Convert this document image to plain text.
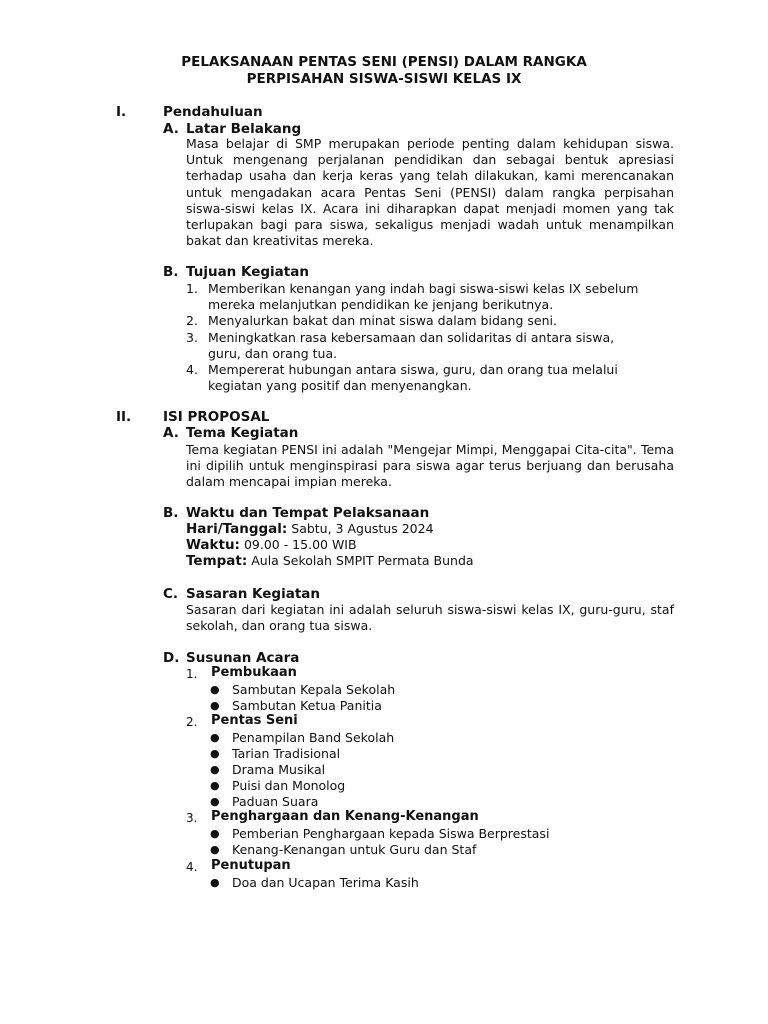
PELAKSANAAN PENTAS SENI (PENSI) DALAM RANGKA
PERPISAHAN SISWA-SISWI KELAS IX
I.	Pendahuluan
A. Latar Belakang
Masa belajar di SMP merupakan periode penting dalam kehidupan siswa. Untuk mengenang perjalanan pendidikan dan sebagai bentuk apresiasi terhadap usaha dan kerja keras yang telah dilakukan, kami merencanakan untuk mengadakan acara Pentas Seni (PENSI) dalam rangka perpisahan siswa-siswi kelas IX. Acara ini diharapkan dapat menjadi momen yang tak terlupakan bagi para siswa, sekaligus menjadi wadah untuk menampilkan bakat dan kreativitas mereka.
B. Tujuan Kegiatan
1. Memberikan kenangan yang indah bagi siswa-siswi kelas IX sebelum mereka melanjutkan pendidikan ke jenjang berikutnya.
2. Menyalurkan bakat dan minat siswa dalam bidang seni.
3. Meningkatkan rasa kebersamaan dan solidaritas di antara siswa, guru, dan orang tua.
4. Mempererat hubungan antara siswa, guru, dan orang tua melalui kegiatan yang positif dan menyenangkan.
II. ISI PROPOSAL
A. Tema Kegiatan
Tema kegiatan PENSI ini adalah "Mengejar Mimpi, Menggapai Cita-cita". Tema ini dipilih untuk menginspirasi para siswa agar terus berjuang dan berusaha dalam mencapai impian mereka.
B. Waktu dan Tempat Pelaksanaan
Hari/Tanggal: Sabtu, 3 Agustus 2024
Waktu: 09.00 - 15.00 WIB
Tempat: Aula Sekolah SMPIT Permata Bunda
C. Sasaran Kegiatan
Sasaran dari kegiatan ini adalah seluruh siswa-siswi kelas IX, guru-guru, staf sekolah, dan orang tua siswa.
D. Susunan Acara
1. Pembukaan
● Sambutan Kepala Sekolah
● Sambutan Ketua Panitia
2. Pentas Seni
● Penampilan Band Sekolah
● Tarian Tradisional
● Drama Musikal
● Puisi dan Monolog
● Paduan Suara
3. Penghargaan dan Kenang-Kenangan
● Pemberian Penghargaan kepada Siswa Berprestasi
● Kenang-Kenangan untuk Guru dan Staf
4. Penutupan
● Doa dan Ucapan Terima Kasih
